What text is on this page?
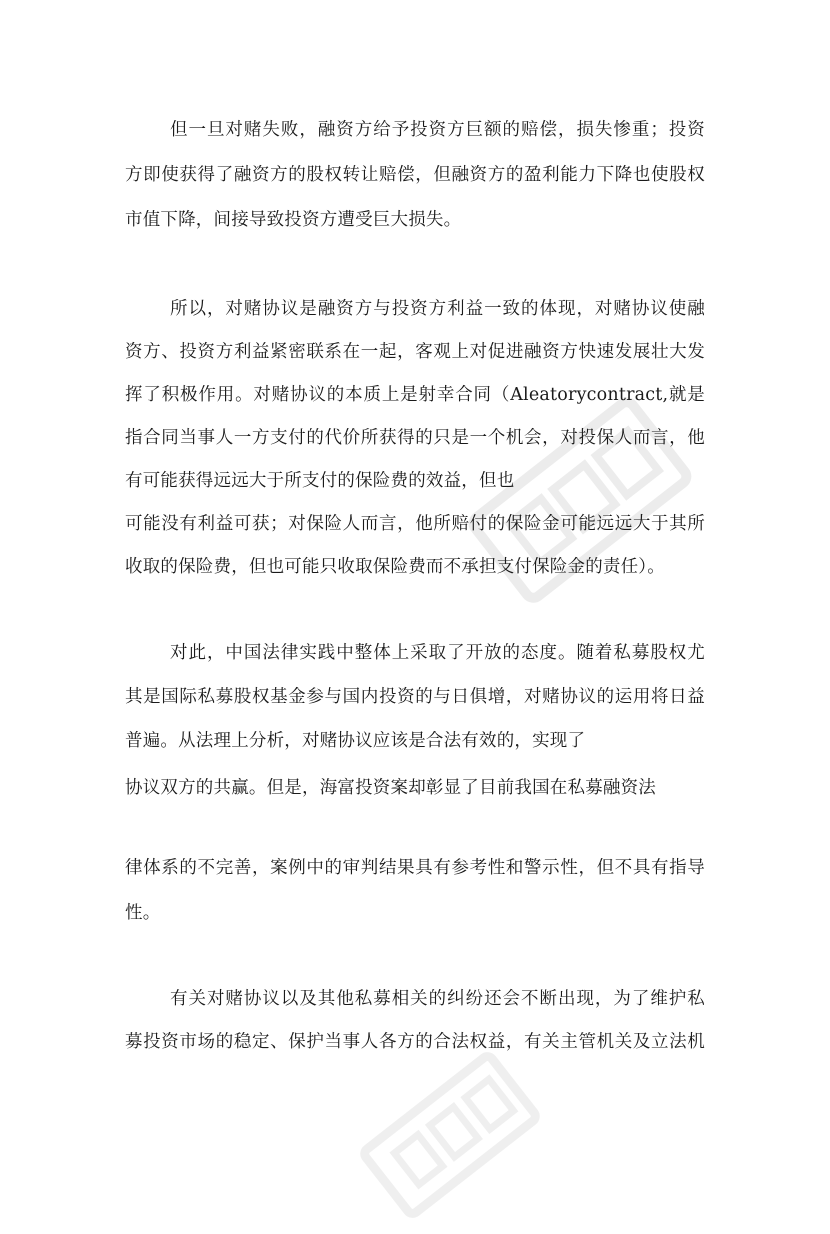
但一旦对赌失败，融资方给予投资方巨额的赔偿，损失惨重；投资
方即使获得了融资方的股权转让赔偿，但融资方的盈利能力下降也使股权
市值下降，间接导致投资方遭受巨大损失。
所以，对赌协议是融资方与投资方利益一致的体现，对赌协议使融
资方、投资方利益紧密联系在一起，客观上对促进融资方快速发展壮大发
挥了积极作用。对赌协议的本质上是射幸合同（Aleatorycontract,就是
指合同当事人一方支付的代价所获得的只是一个机会，对投保人而言，他
有可能获得远远大于所支付的保险费的效益，但也
可能没有利益可获；对保险人而言，他所赔付的保险金可能远远大于其所
收取的保险费，但也可能只收取保险费而不承担支付保险金的责任）。
对此，中国法律实践中整体上采取了开放的态度。随着私募股权尤
其是国际私募股权基金参与国内投资的与日俱增，对赌协议的运用将日益
普遍。从法理上分析，对赌协议应该是合法有效的，实现了
协议双方的共赢。但是，海富投资案却彰显了目前我国在私募融资法
律体系的不完善，案例中的审判结果具有参考性和警示性，但不具有指导
性。
有关对赌协议以及其他私募相关的纠纷还会不断出现，为了维护私
募投资市场的稳定、保护当事人各方的合法权益，有关主管机关及立法机
